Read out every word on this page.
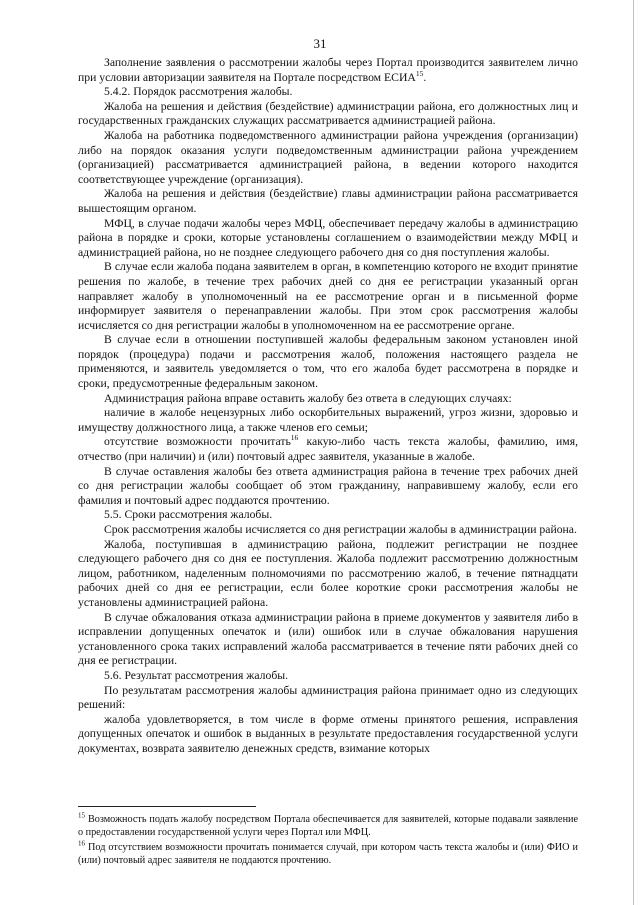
31

Заполнение заявления о рассмотрении жалобы через Портал производится заявителем лично при условии авторизации заявителя на Портале посредством ЕСИА$^{15}$.

5.4.2. Порядок рассмотрения жалобы.

Жалоба на решения и действия (бездействие) администрации района, его должностных лиц и государственных гражданских служащих рассматривается администрацией района.

Жалоба на работника подведомственного администрации района учреждения (организации) либо на порядок оказания услуги подведомственным администрации района учреждением (организацией) рассматривается администрацией района, в ведении которого находится соответствующее учреждение (организация).

Жалоба на решения и действия (бездействие) главы администрации района рассматривается вышестоящим органом.

МФЦ, в случае подачи жалобы через МФЦ, обеспечивает передачу жалобы в администрацию района в порядке и сроки, которые установлены соглашением о взаимодействии между МФЦ и администрацией района, но не позднее следующего рабочего дня со дня поступления жалобы.

В случае если жалоба подана заявителем в орган, в компетенцию которого не входит принятие решения по жалобе, в течение трех рабочих дней со дня ее регистрации указанный орган направляет жалобу в уполномоченный на ее рассмотрение орган и в письменной форме информирует заявителя о перенаправлении жалобы. При этом срок рассмотрения жалобы исчисляется со дня регистрации жалобы в уполномоченном на ее рассмотрение органе.

В случае если в отношении поступившей жалобы федеральным законом установлен иной порядок (процедура) подачи и рассмотрения жалоб, положения настоящего раздела не применяются, и заявитель уведомляется о том, что его жалоба будет рассмотрена в порядке и сроки, предусмотренные федеральным законом.

Администрация района вправе оставить жалобу без ответа в следующих случаях:

наличие в жалобе нецензурных либо оскорбительных выражений, угроз жизни, здоровью и имуществу должностного лица, а также членов его семьи;

отсутствие возможности прочитать$^{16}$ какую-либо часть текста жалобы, фамилию, имя, отчество (при наличии) и (или) почтовый адрес заявителя, указанные в жалобе.

В случае оставления жалобы без ответа администрация района в течение трех рабочих дней со дня регистрации жалобы сообщает об этом гражданину, направившему жалобу, если его фамилия и почтовый адрес поддаются прочтению.

5.5. Сроки рассмотрения жалобы.

Срок рассмотрения жалобы исчисляется со дня регистрации жалобы в администрации района.

Жалоба, поступившая в администрацию района, подлежит регистрации не позднее следующего рабочего дня со дня ее поступления. Жалоба подлежит рассмотрению должностным лицом, работником, наделенным полномочиями по рассмотрению жалоб, в течение пятнадцати рабочих дней со дня ее регистрации, если более короткие сроки рассмотрения жалобы не установлены администрацией района.

В случае обжалования отказа администрации района в приеме документов у заявителя либо в исправлении допущенных опечаток и (или) ошибок или в случае обжалования нарушения установленного срока таких исправлений жалоба рассматривается в течение пяти рабочих дней со дня ее регистрации.

5.6. Результат рассмотрения жалобы.

По результатам рассмотрения жалобы администрация района принимает одно из следующих решений:

жалоба удовлетворяется, в том числе в форме отмены принятого решения, исправления допущенных опечаток и ошибок в выданных в результате предоставления государственной услуги документах, возврата заявителю денежных средств, взимание которых

$^{15}$ Возможность подать жалобу посредством Портала обеспечивается для заявителей, которые подавали заявление о предоставлении государственной услуги через Портал или МФЦ.

$^{16}$ Под отсутствием возможности прочитать понимается случай, при котором часть текста жалобы и (или) ФИО и (или) почтовый адрес заявителя не поддаются прочтению.
